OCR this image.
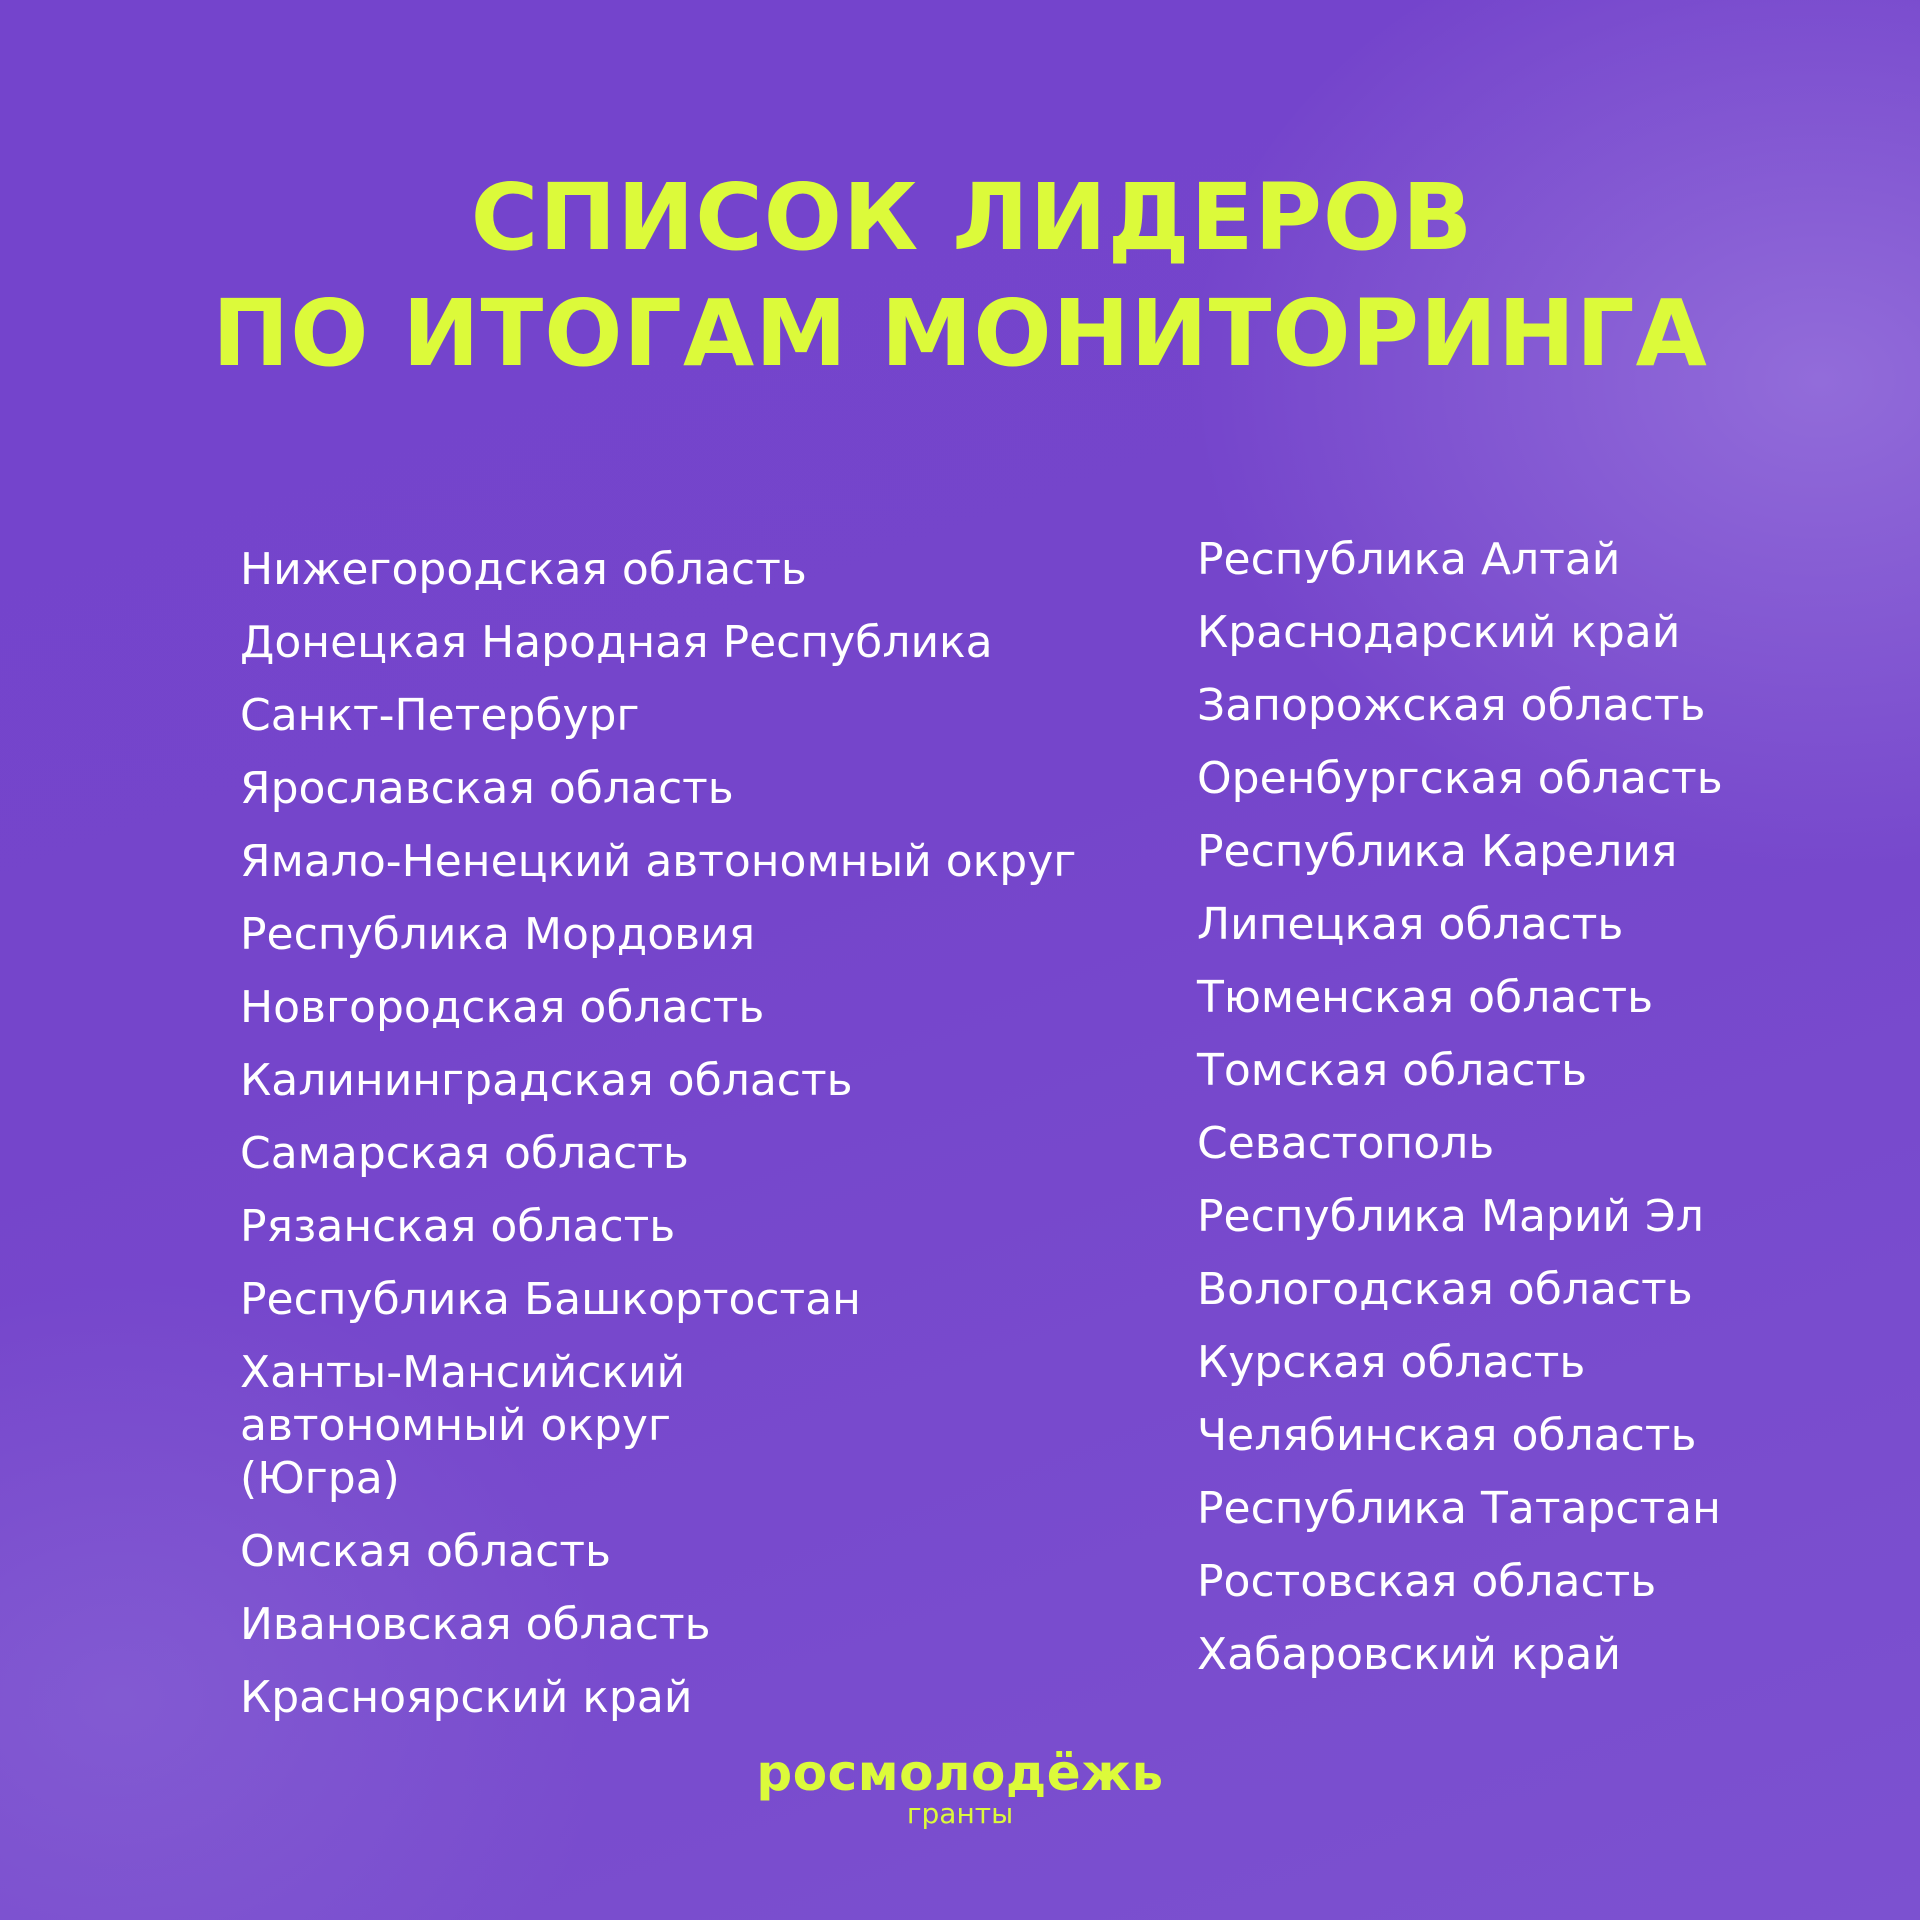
СПИСОК ЛИДЕРОВ
ПО ИТОГАМ МОНИТОРИНГА
Нижегородская область
Донецкая Народная Республика
Санкт-Петербург
Ярославская область
Ямало-Ненецкий автономный округ
Республика Мордовия
Новгородская область
Калининградская область
Самарская область
Рязанская область
Республика Башкортостан
Ханты-Мансийский автономный округ (Югра)
Омская область
Ивановская область
Красноярский край
Республика Алтай
Краснодарский край
Запорожская область
Оренбургская область
Республика Карелия
Липецкая область
Тюменская область
Томская область
Севастополь
Республика Марий Эл
Вологодская область
Курская область
Челябинская область
Республика Татарстан
Ростовская область
Хабаровский край
росмолодёжь
гранты
